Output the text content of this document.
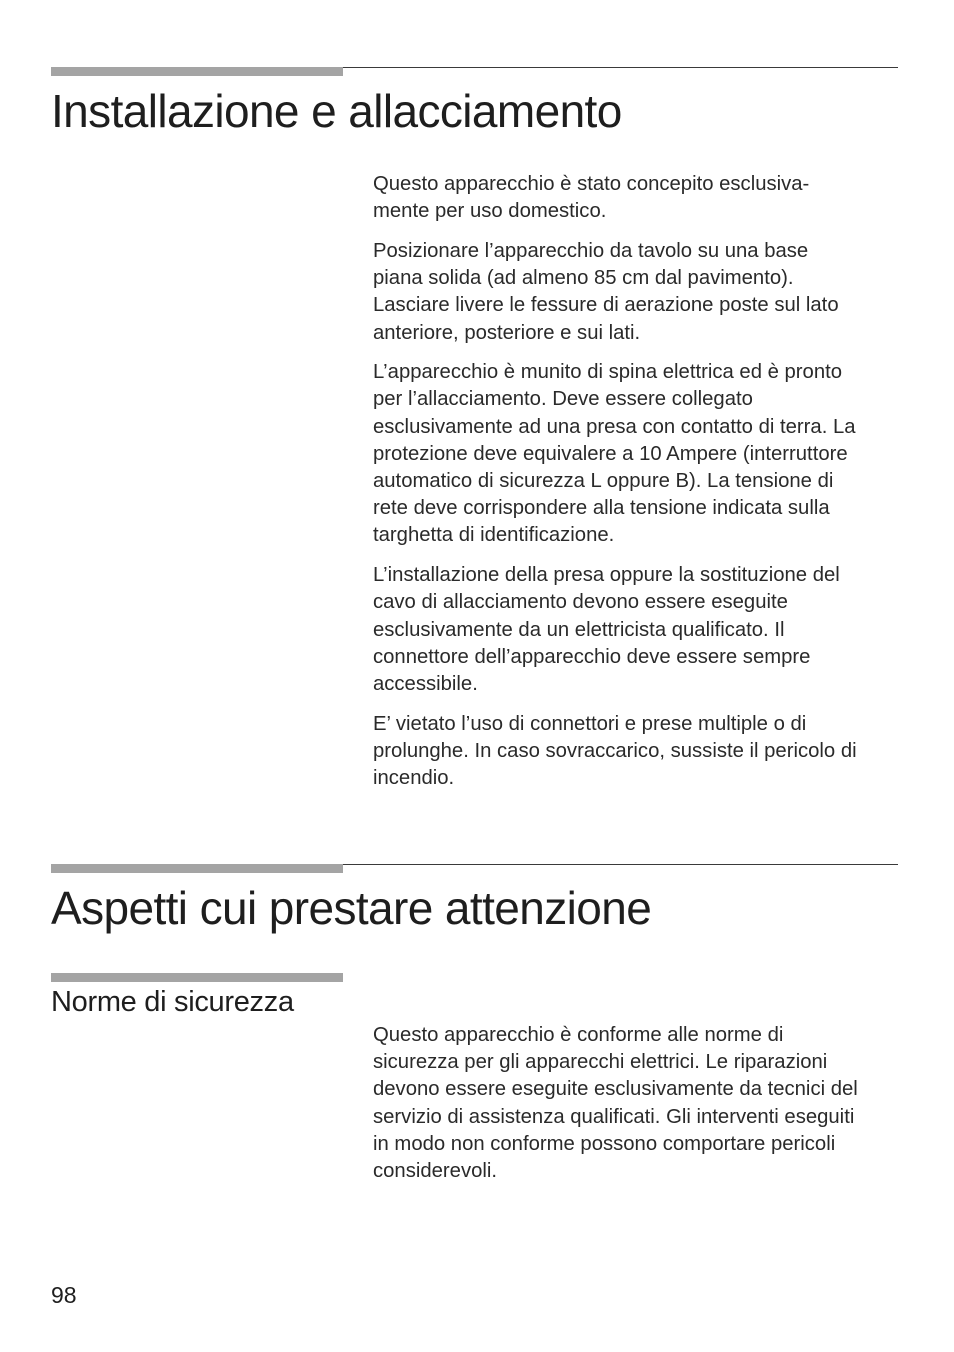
Installazione e allacciamento

Questo apparecchio è stato concepito esclusiva-
mente per uso domestico.

Posizionare l’apparecchio da tavolo su una base
piana solida (ad almeno 85 cm dal pavimento).
Lasciare livere le fessure di aerazione poste sul lato
anteriore, posteriore e sui lati.

L’apparecchio è munito di spina elettrica ed è pronto
per l’allacciamento. Deve essere collegato
esclusivamente ad una presa con contatto di terra. La
protezione deve equivalere a 10 Ampere (interruttore
automatico di sicurezza L oppure B). La tensione di
rete deve corrispondere alla tensione indicata sulla
targhetta di identificazione.

L’installazione della presa oppure la sostituzione del
cavo di allacciamento devono essere eseguite
esclusivamente da un elettricista qualificato. Il
connettore dell’apparecchio deve essere sempre
accessibile.

E’ vietato l’uso di connettori e prese multiple o di
prolunghe. In caso sovraccarico, sussiste il pericolo di
incendio.

Aspetti cui prestare attenzione
Norme di sicurezza

Questo apparecchio è conforme alle norme di
sicurezza per gli apparecchi elettrici. Le riparazioni
devono essere eseguite esclusivamente da tecnici del
servizio di assistenza qualificati. Gli interventi eseguiti
in modo non conforme possono comportare pericoli
considerevoli.

98
